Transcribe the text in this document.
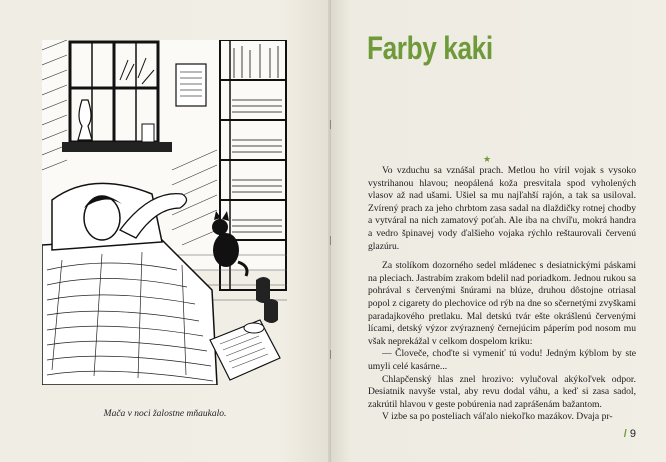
Mača v noci žalostne mňaukalo.
Farby kaki
★

Vo vzduchu sa vznášal prach. Metlou ho víril vojak s vysoko vystrihanou hlavou; neopálená koža presvitala spod vyholených vlasov až nad ušami. Ušiel sa mu najľahší rajón, a tak sa usiloval. Zvírený prach za jeho chrbtom zasa sadal na dlaždičky rotnej chodby a vytváral na nich zamatový poťah. Ale iba na chvíľu, mokrá handra a vedro špinavej vody ďalšieho vojaka rýchlo reštaurovali červenú glazúru.

Za stolíkom dozorného sedel mládenec s desiatnickými páskami na pleciach. Jastrabím zrakom bdelil nad poriadkom. Jednou rukou sa pohrával s červenými šnúrami na blúze, druhou dôstojne otriasal popol z cigarety do plechovice od rýb na dne so sčernetými zvyškami paradajkového pretlaku. Mal detskú tvár ešte okrášlenú červenými lícami, detský výzor zvýraznený černejúcim páperím pod nosom mu však neprekážal v celkom dospelom kriku:

— Človeče, choďte si vymeniť tú vodu! Jedným kýblom by ste umyli celé kasárne...

Chlapčenský hlas znel hrozivo: vylučoval akýkoľvek odpor. Desiatnik navyše vstal, aby revu dodal váhu, a keď si zasa sadol, zakrútil hlavou v geste pobúrenia nad zaprášenám bažantom.

V izbe sa po posteliach váľalo niekoľko mazákov. Dvaja pr-

/ 9
